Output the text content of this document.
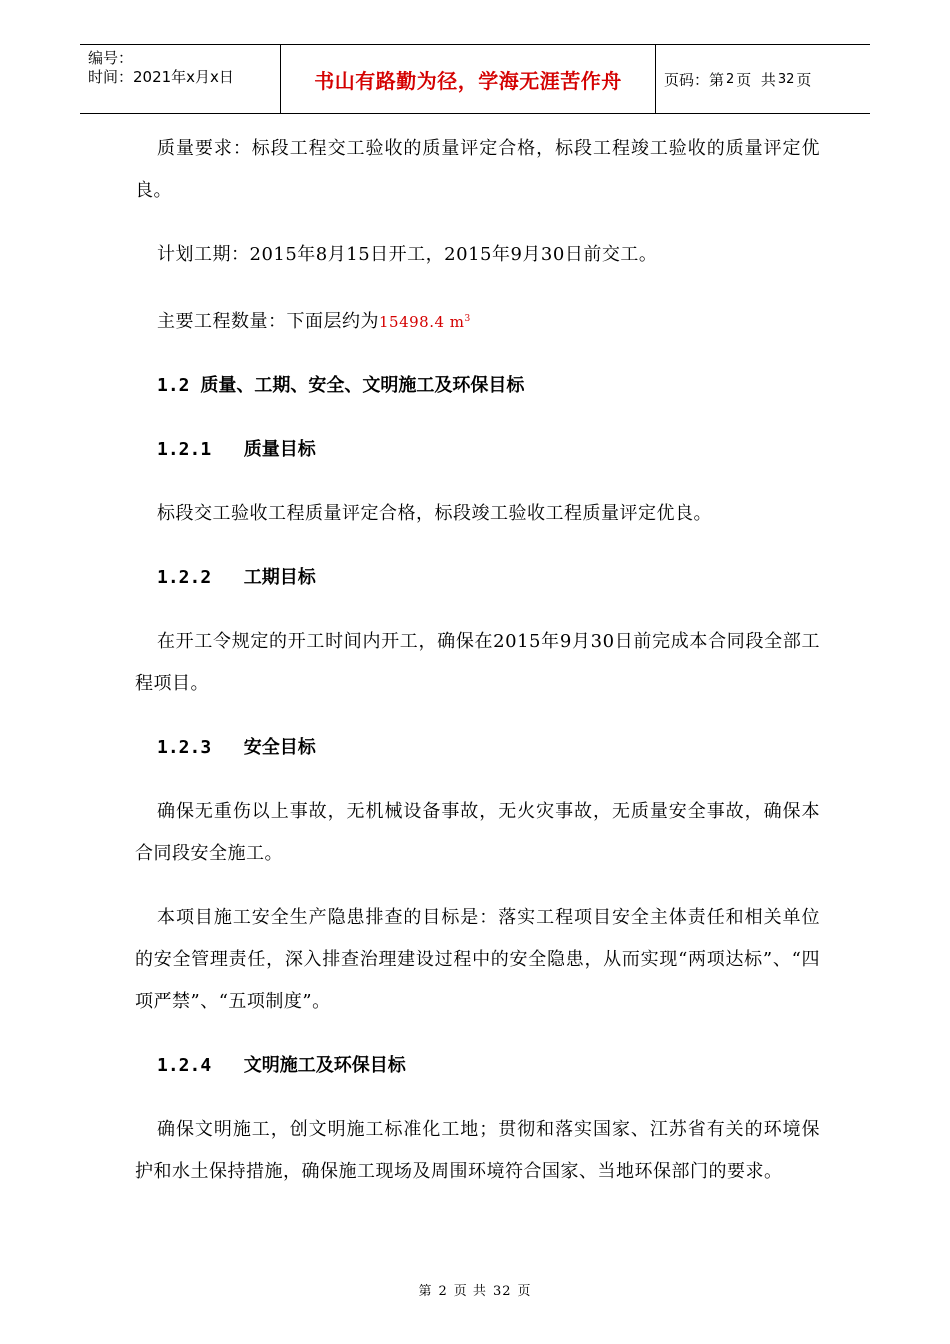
编号：
时间：2021年x月x日	书山有路勤为径，学海无涯苦作舟	页码：第 2 页  共 32 页

质量要求：标段工程交工验收的质量评定合格，标段工程竣工验收的质量评定优良。

计划工期：2015年8月15日开工，2015年9月30日前交工。

主要工程数量：下面层约为15498.4 $m^3$

1.2 质量、工期、安全、文明施工及环保目标
1.2.1 质量目标

标段交工验收工程质量评定合格，标段竣工验收工程质量评定优良。

1.2.2 工期目标

在开工令规定的开工时间内开工，确保在2015年9月30日前完成本合同段全部工程项目。

1.2.3 安全目标

确保无重伤以上事故，无机械设备事故，无火灾事故，无质量安全事故，确保本合同段安全施工。

本项目施工安全生产隐患排查的目标是：落实工程项目安全主体责任和相关单位的安全管理责任，深入排查治理建设过程中的安全隐患，从而实现“两项达标”、“四项严禁”、“五项制度”。

1.2.4 文明施工及环保目标

确保文明施工，创文明施工标准化工地；贯彻和落实国家、江苏省有关的环境保护和水土保持措施，确保施工现场及周围环境符合国家、当地环保部门的要求。

第 2 页 共 32 页
